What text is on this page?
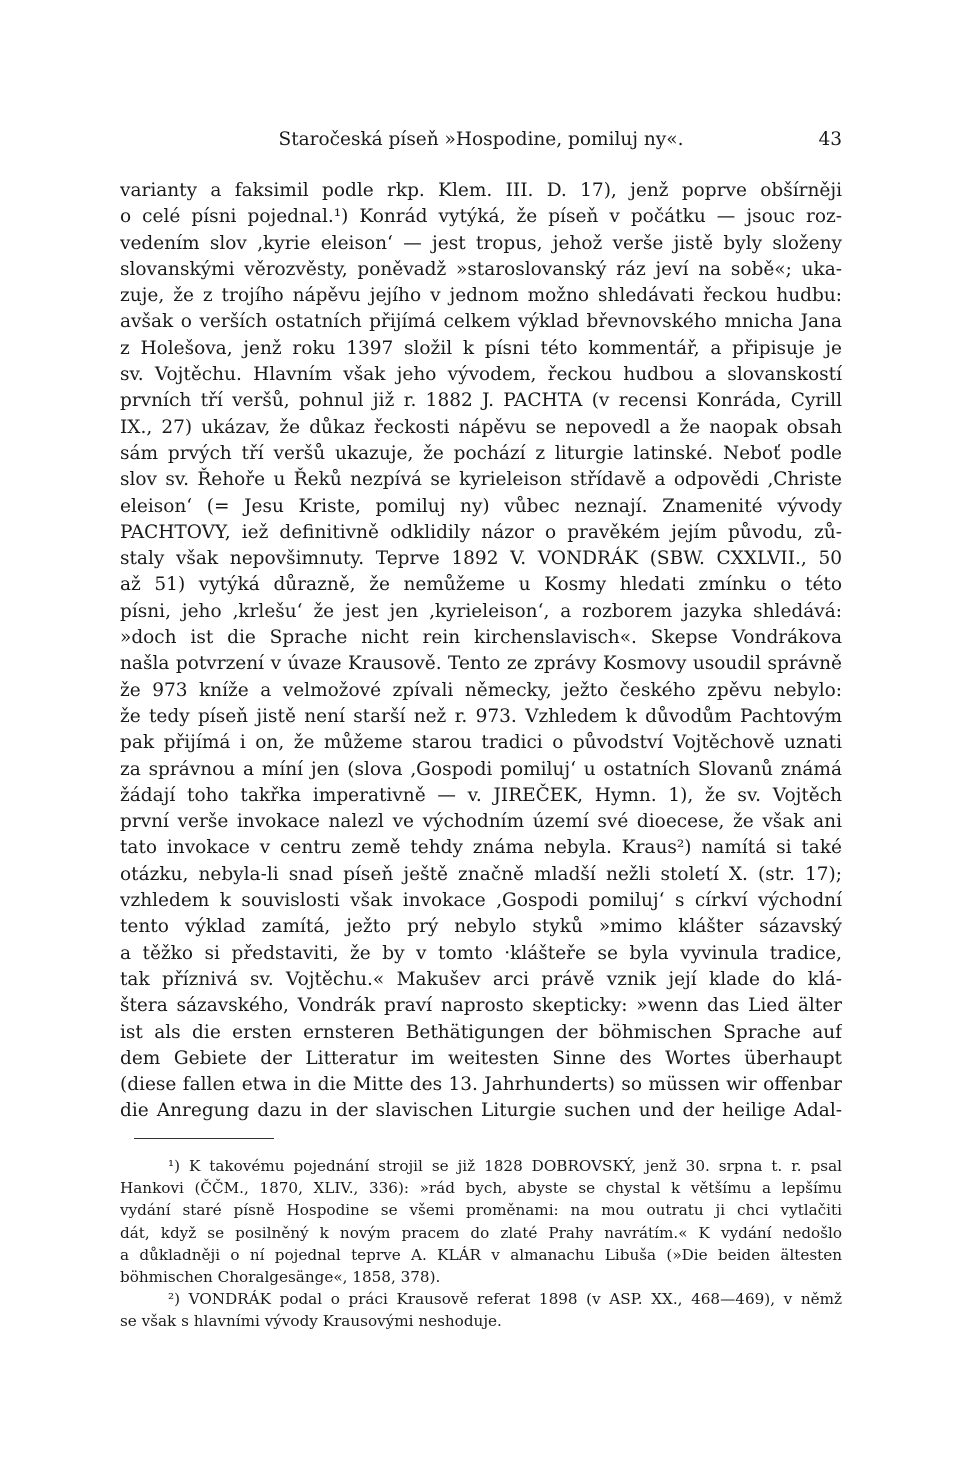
Staročeská píseň »Hospodine, pomiluj ny«.	43
varianty a faksimil podle rkp. Klem. III. D. 17), jenž poprve obšírněji
o celé písni pojednal.¹) Konrád vytýká, že píseň v počátku — jsouc roz-
vedením slov ‚kyrie eleison‘ — jest tropus, jehož verše jistě byly složeny
slovanskými věrozvěsty, poněvadž »staroslovanský ráz jeví na sobě«; uka-
zuje, že z trojího nápěvu jejího v jednom možno shledávati řeckou hudbu:
avšak o verších ostatních přijímá celkem výklad břevnovského mnicha Jana
z Holešova, jenž roku 1397 složil k písni této kommentář, a připisuje je
sv. Vojtěchu. Hlavním však jeho vývodem, řeckou hudbou a slovanskostí
prvních tří veršů, pohnul již r. 1882 J. PACHTA (v recensi Konráda, Cyrill
IX., 27) ukázav, že důkaz řeckosti nápěvu se nepovedl a že naopak obsah
sám prvých tří veršů ukazuje, že pochází z liturgie latinské. Neboť podle
slov sv. Řehoře u Řeků nezpívá se kyrieleison střídavě a odpovědi ‚Christe
eleison‘ (= Jesu Kriste, pomiluj ny) vůbec neznají. Znamenité vývody
PACHTOVY, iež definitivně odklidily názor o pravěkém jejím původu, zů-
staly však nepovšimnuty. Teprve 1892 V. VONDRÁK (SBW. CXXLVII., 50
až 51) vytýká důrazně, že nemůžeme u Kosmy hledati zmínku o této
písni, jeho ‚krlešu‘ že jest jen ‚kyrieleison‘, a rozborem jazyka shledává:
»doch ist die Sprache nicht rein kirchenslavisch«. Skepse Vondrákova
našla potvrzení v úvaze Krausově. Tento ze zprávy Kosmovy usoudil správně
že 973 kníže a velmožové zpívali německy, ježto českého zpěvu nebylo:
že tedy píseň jistě není starší než r. 973. Vzhledem k důvodům Pachtovým
pak přijímá i on, že můžeme starou tradici o původství Vojtěchově uznati
za správnou a míní jen (slova ‚Gospodi pomiluj‘ u ostatních Slovanů známá
žádají toho takřka imperativně — v. JIREČEK, Hymn. 1), že sv. Vojtěch
první verše invokace nalezl ve východním území své dioecese, že však ani
tato invokace v centru země tehdy známa nebyla. Kraus²) namítá si také
otázku, nebyla-li snad píseň ještě značně mladší nežli století X. (str. 17);
vzhledem k souvislosti však invokace ‚Gospodi pomiluj‘ s církví východní
tento výklad zamítá, ježto prý nebylo styků »mimo klášter sázavský
a těžko si představiti, že by v tomto ·klášteře se byla vyvinula tradice,
tak příznivá sv. Vojtěchu.« Makušev arci právě vznik její klade do klá-
štera sázavského, Vondrák praví naprosto skepticky: »wenn das Lied älter
ist als die ersten ernsteren Bethätigungen der böhmischen Sprache auf
dem Gebiete der Litteratur im weitesten Sinne des Wortes überhaupt
(diese fallen etwa in die Mitte des 13. Jahrhunderts) so müssen wir offenbar
die Anregung dazu in der slavischen Liturgie suchen und der heilige Adal-
¹) K takovému pojednání strojil se již 1828 DOBROVSKÝ, jenž 30. srpna t. r. psal
Hankovi (ČČM., 1870, XLIV., 336): »rád bych, abyste se chystal k většímu a lepšímu
vydání staré písně Hospodine se všemi proměnami: na mou outratu ji chci vytlačiti
dát, když se posilněný k novým pracem do zlaté Prahy navrátím.« K vydání nedošlo
a důkladněji o ní pojednal teprve A. KLÁR v almanachu Libuša (»Die beiden ältesten
böhmischen Choralgesänge«, 1858, 378).
²) VONDRÁK podal o práci Krausově referat 1898 (v ASP. XX., 468—469), v němž
se však s hlavními vývody Krausovými neshoduje.
